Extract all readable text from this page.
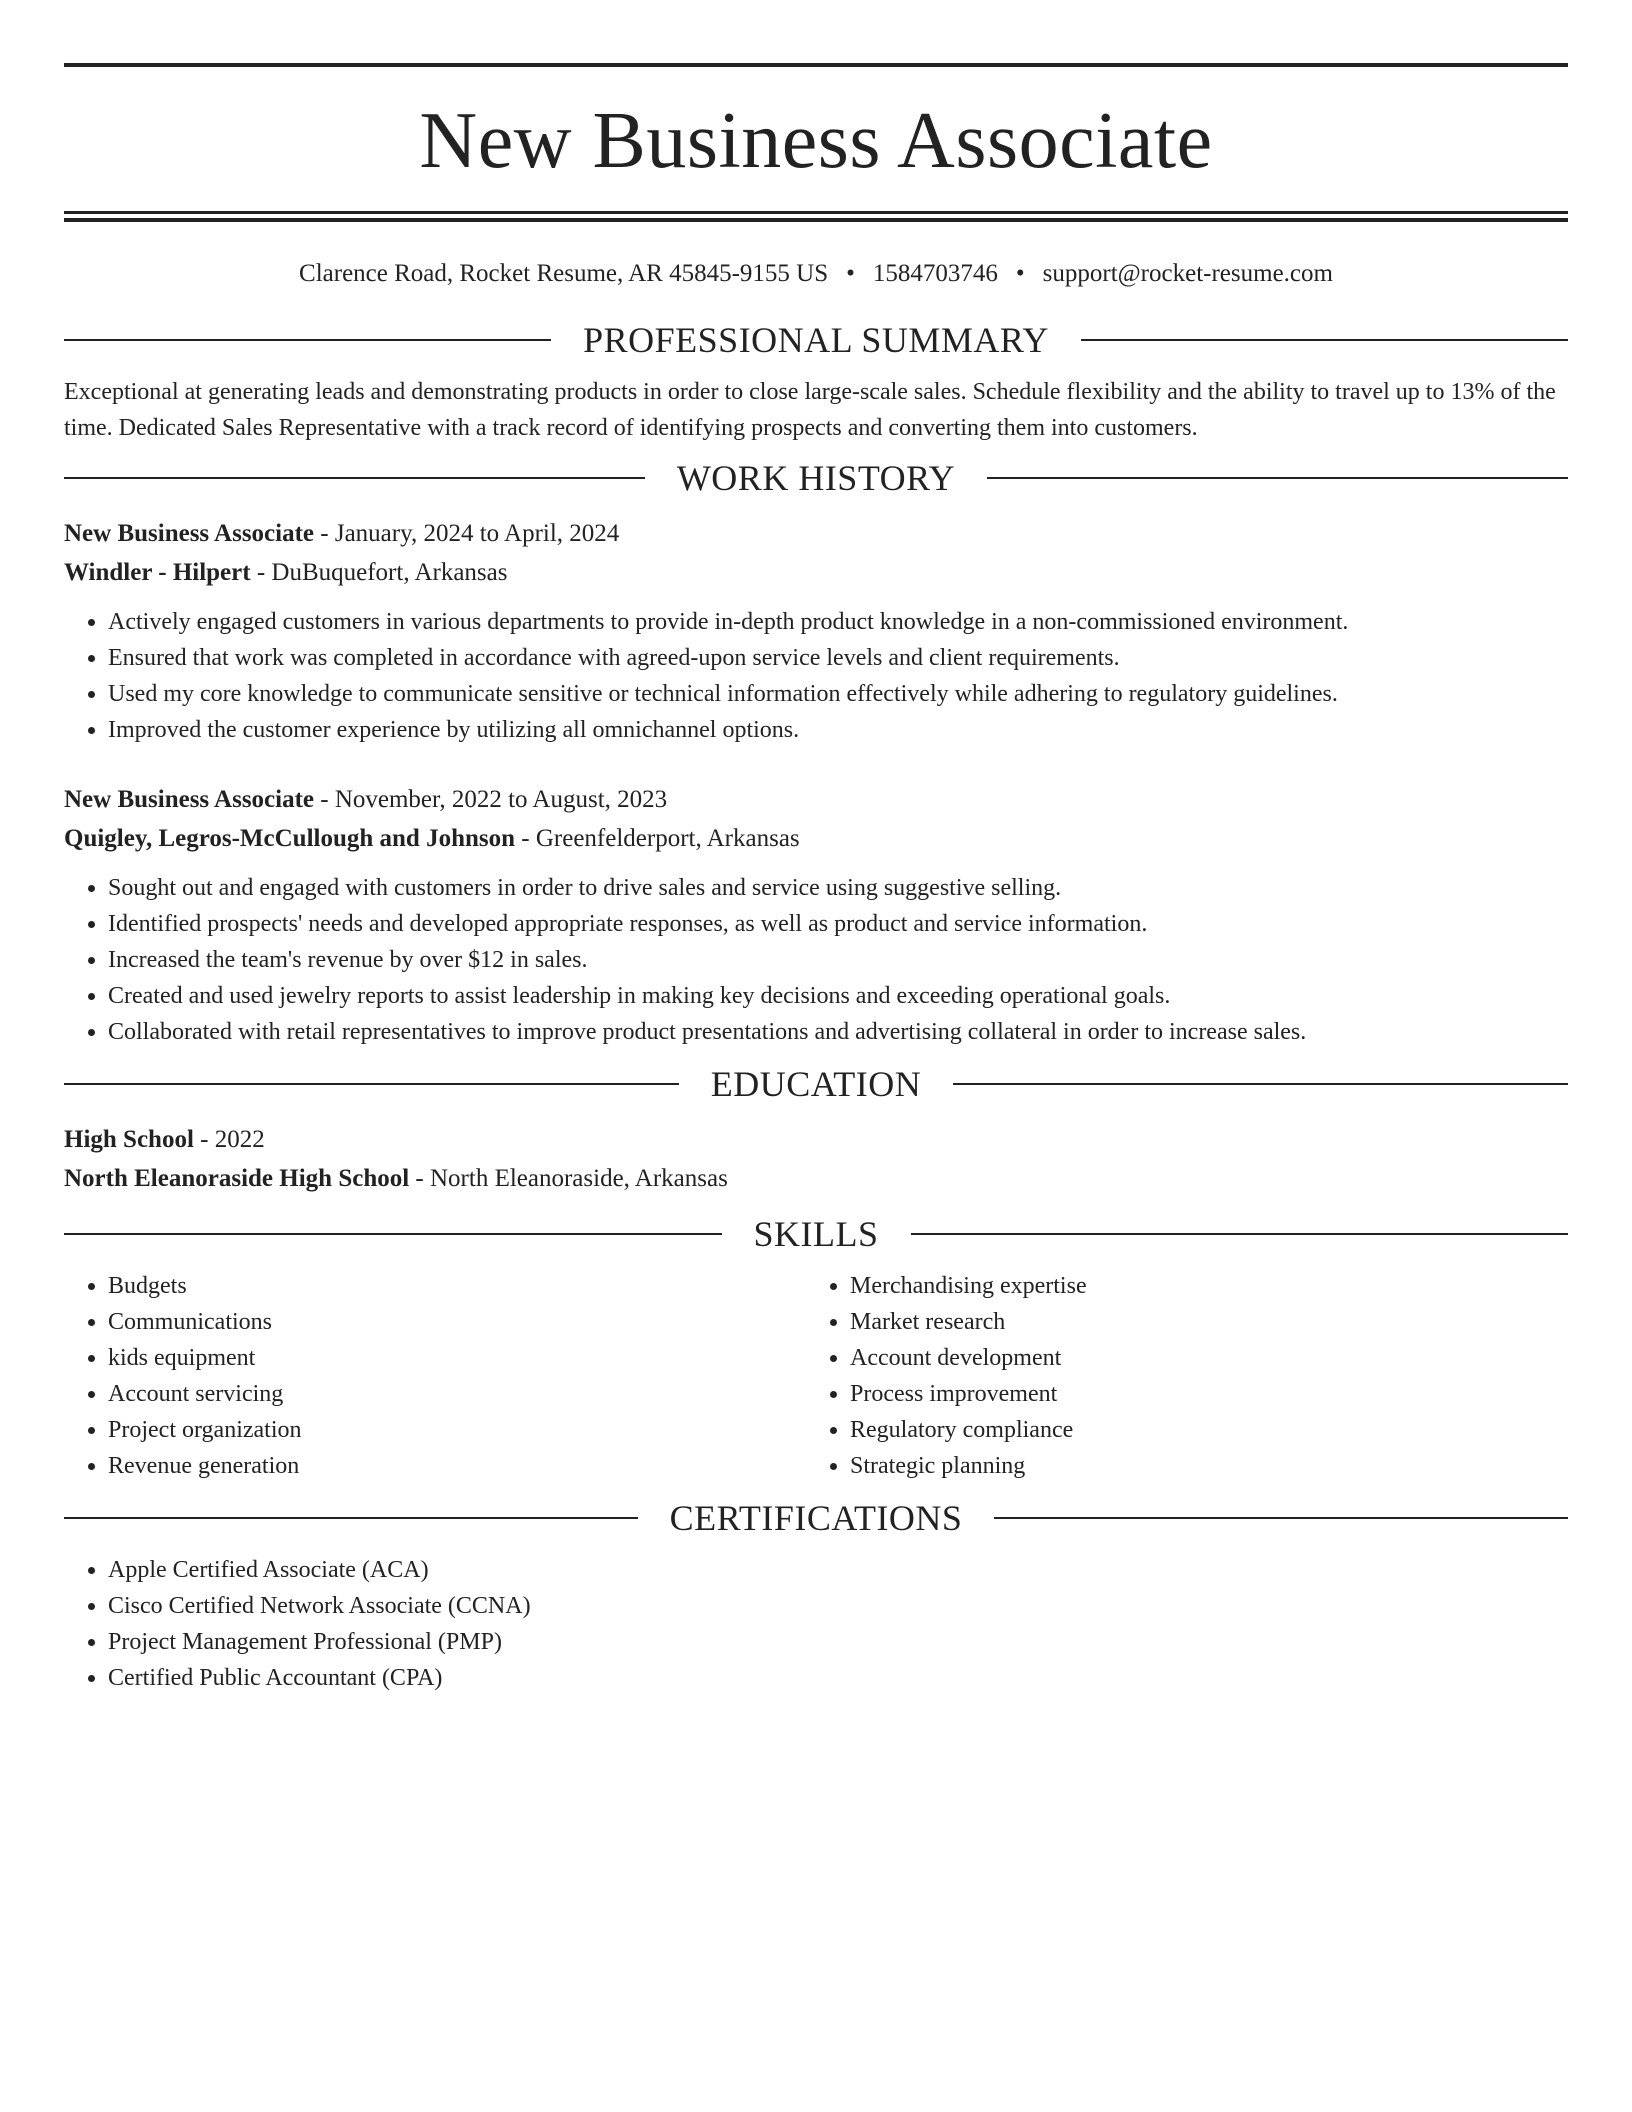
New Business Associate
Clarence Road, Rocket Resume, AR 45845-9155 US • 1584703746 • support@rocket-resume.com
PROFESSIONAL SUMMARY
Exceptional at generating leads and demonstrating products in order to close large-scale sales. Schedule flexibility and the ability to travel up to 13% of the time. Dedicated Sales Representative with a track record of identifying prospects and converting them into customers.
WORK HISTORY
New Business Associate - January, 2024 to April, 2024
Windler - Hilpert - DuBuquefort, Arkansas
• Actively engaged customers in various departments to provide in-depth product knowledge in a non-commissioned environment.
• Ensured that work was completed in accordance with agreed-upon service levels and client requirements.
• Used my core knowledge to communicate sensitive or technical information effectively while adhering to regulatory guidelines.
• Improved the customer experience by utilizing all omnichannel options.
New Business Associate - November, 2022 to August, 2023
Quigley, Legros-McCullough and Johnson - Greenfelderport, Arkansas
• Sought out and engaged with customers in order to drive sales and service using suggestive selling.
• Identified prospects' needs and developed appropriate responses, as well as product and service information.
• Increased the team's revenue by over $12 in sales.
• Created and used jewelry reports to assist leadership in making key decisions and exceeding operational goals.
• Collaborated with retail representatives to improve product presentations and advertising collateral in order to increase sales.
EDUCATION
High School - 2022
North Eleanoraside High School - North Eleanoraside, Arkansas
SKILLS
• Budgets
• Communications
• kids equipment
• Account servicing
• Project organization
• Revenue generation
• Merchandising expertise
• Market research
• Account development
• Process improvement
• Regulatory compliance
• Strategic planning
CERTIFICATIONS
• Apple Certified Associate (ACA)
• Cisco Certified Network Associate (CCNA)
• Project Management Professional (PMP)
• Certified Public Accountant (CPA)
